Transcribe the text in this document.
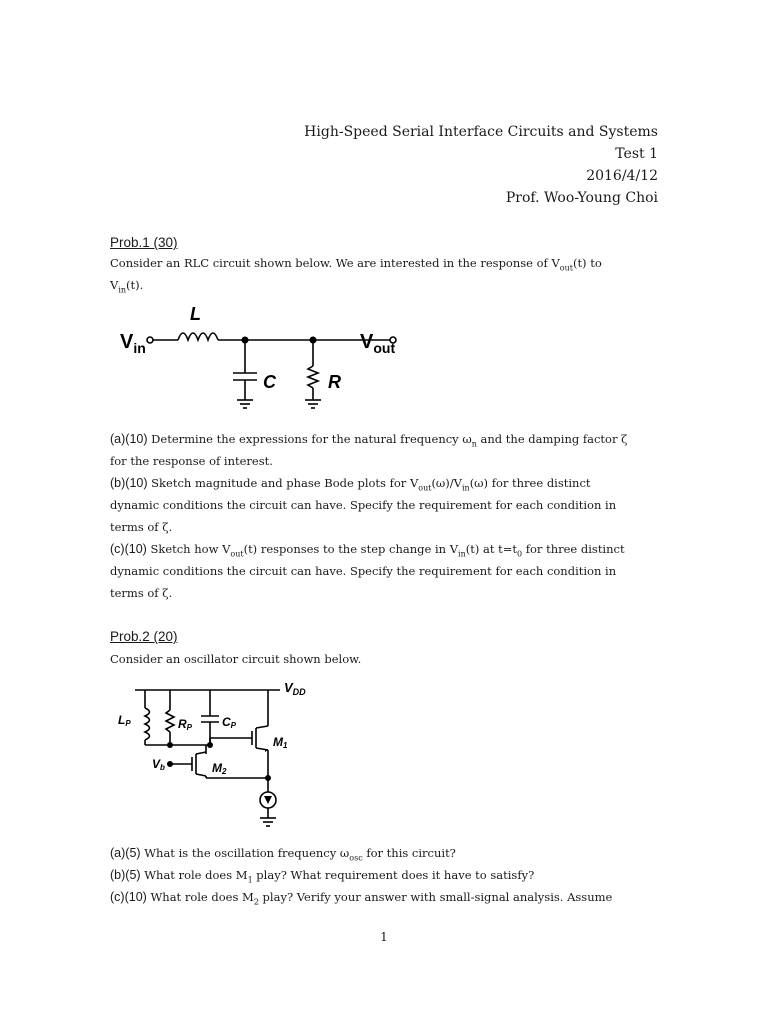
High-Speed Serial Interface Circuits and Systems
Test 1
2016/4/12
Prof. Woo-Young Choi
Prob.1 (30)
Consider an RLC circuit shown below. We are interested in the response of $V_{out}(t)$ to
$V_{in}(t)$.
L
C	R
$V_{in}$	$V_{out}$
(a)(10) Determine the expressions for the natural frequency $\omega_n$ and the damping factor ζ
for the response of interest.
(b)(10) Sketch magnitude and phase Bode plots for $V_{out}(\omega)/V_{in}(\omega)$ for three distinct
dynamic conditions the circuit can have. Specify the requirement for each condition in
terms of ζ.
(c)(10) Sketch how $V_{out}(t)$ responses to the step change in $V_{in}(t)$ at $t=t_0$ for three distinct
dynamic conditions the circuit can have. Specify the requirement for each condition in
terms of ζ.
Prob.2 (20)
Consider an oscillator circuit shown below.
$V_{DD}$
LP	RP CP
M1
M2
Vb
(a)(5) What is the oscillation frequency $\omega_{osc}$ for this circuit?
(b)(5) What role does $M_1$ play? What requirement does it have to satisfy?
(c)(10) What role does $M_2$ play? Verify your answer with small-signal analysis. Assume
1
